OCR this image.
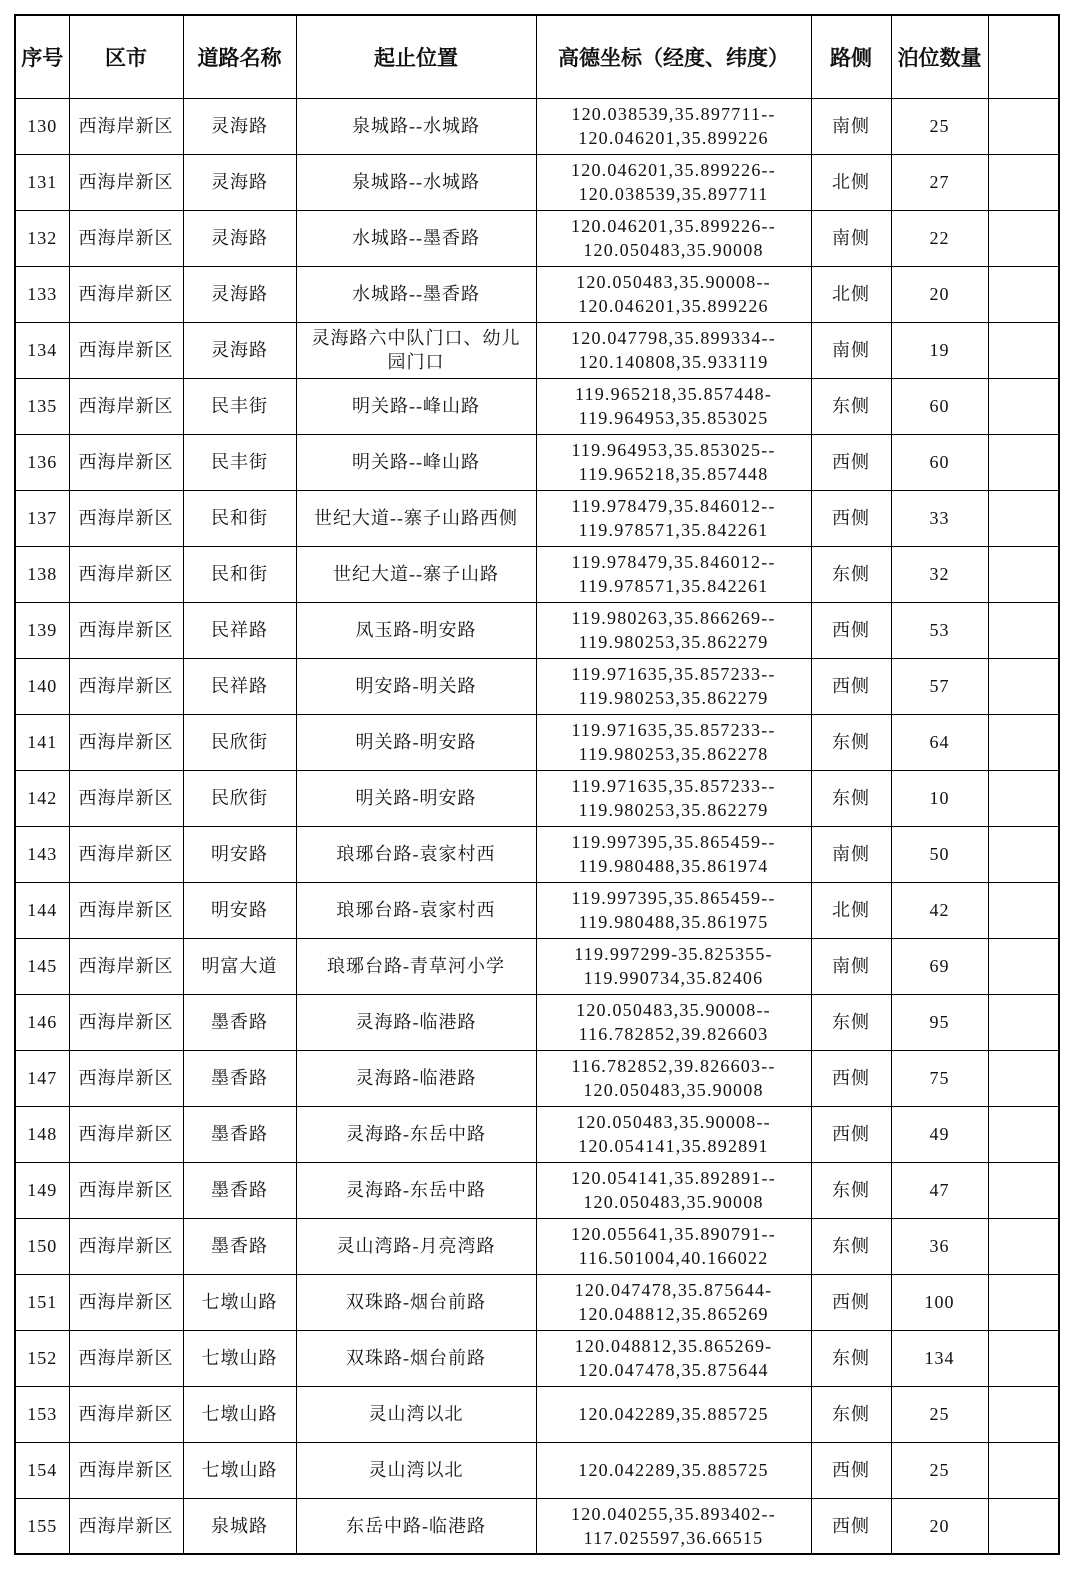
序号	区市	道路名称	起止位置	高德坐标（经度、纬度）	路侧	泊位数量	
130	西海岸新区	灵海路	泉城路--水城路	120.038539,35.897711--
120.046201,35.899226	南侧	25	
131	西海岸新区	灵海路	泉城路--水城路	120.046201,35.899226--
120.038539,35.897711	北侧	27	
132	西海岸新区	灵海路	水城路--墨香路	120.046201,35.899226--
120.050483,35.90008	南侧	22	
133	西海岸新区	灵海路	水城路--墨香路	120.050483,35.90008--
120.046201,35.899226	北侧	20	
134	西海岸新区	灵海路	灵海路六中队门口、幼儿园门口	120.047798,35.899334--
120.140808,35.933119	南侧	19	
135	西海岸新区	民丰街	明关路--峰山路	119.965218,35.857448-
119.964953,35.853025	东侧	60	
136	西海岸新区	民丰街	明关路--峰山路	119.964953,35.853025--
119.965218,35.857448	西侧	60	
137	西海岸新区	民和街	世纪大道--寨子山路西侧	119.978479,35.846012--
119.978571,35.842261	西侧	33	
138	西海岸新区	民和街	世纪大道--寨子山路	119.978479,35.846012--
119.978571,35.842261	东侧	32	
139	西海岸新区	民祥路	凤玉路-明安路	119.980263,35.866269--
119.980253,35.862279	西侧	53	
140	西海岸新区	民祥路	明安路-明关路	119.971635,35.857233--
119.980253,35.862279	西侧	57	
141	西海岸新区	民欣街	明关路-明安路	119.971635,35.857233--
119.980253,35.862278	东侧	64	
142	西海岸新区	民欣街	明关路-明安路	119.971635,35.857233--
119.980253,35.862279	东侧	10	
143	西海岸新区	明安路	琅琊台路-袁家村西	119.997395,35.865459--
119.980488,35.861974	南侧	50	
144	西海岸新区	明安路	琅琊台路-袁家村西	119.997395,35.865459--
119.980488,35.861975	北侧	42	
145	西海岸新区	明富大道	琅琊台路-青草河小学	119.997299-35.825355-
119.990734,35.82406	南侧	69	
146	西海岸新区	墨香路	灵海路-临港路	120.050483,35.90008--
116.782852,39.826603	东侧	95	
147	西海岸新区	墨香路	灵海路-临港路	116.782852,39.826603--
120.050483,35.90008	西侧	75	
148	西海岸新区	墨香路	灵海路-东岳中路	120.050483,35.90008--
120.054141,35.892891	西侧	49	
149	西海岸新区	墨香路	灵海路-东岳中路	120.054141,35.892891--
120.050483,35.90008	东侧	47	
150	西海岸新区	墨香路	灵山湾路-月亮湾路	120.055641,35.890791--
116.501004,40.166022	东侧	36	
151	西海岸新区	七墩山路	双珠路-烟台前路	120.047478,35.875644-
120.048812,35.865269	西侧	100	
152	西海岸新区	七墩山路	双珠路-烟台前路	120.048812,35.865269-
120.047478,35.875644	东侧	134	
153	西海岸新区	七墩山路	灵山湾以北	120.042289,35.885725	东侧	25	
154	西海岸新区	七墩山路	灵山湾以北	120.042289,35.885725	西侧	25	
155	西海岸新区	泉城路	东岳中路-临港路	120.040255,35.893402--
117.025597,36.66515	西侧	20	
